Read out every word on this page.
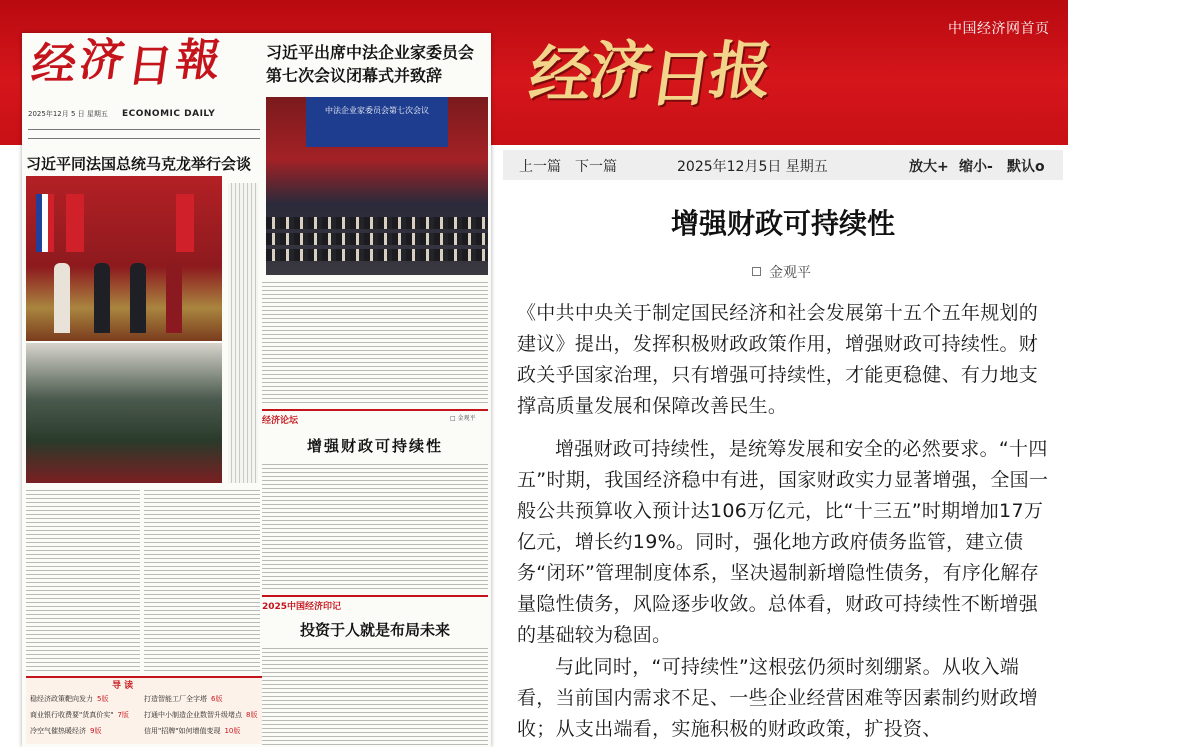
中国经济网首页
经
济
日
报
经
济
日
報
2025年12月 5 日 星期五 ECONOMIC DAILY
习近平出席中法企业家委员会第七次会议闭幕式并致辞
中法企业家委员会第七次会议
习近平同法国总统马克龙举行会谈
经济论坛	□ 金观平
增强财政可持续性
2025中国经济印记
投资于人就是布局未来
导 读
稳经济政策靶向发力 5版	打造智能工厂全字塔 6版
商业银行收费要"货真价实" 7版 打通中小制造企业数智升级堵点 8版
冷空气催热暖经济 9版	信用"招牌"如何增值变现 10版
上一篇 下一篇	2025年12月5日 星期五	放大+ 缩小- 默认o
增强财政可持续性
金观平

《中共中央关于制定国民经济和社会发展第十五个五年规划的建议》提出，发挥积极财政政策作用，增强财政可持续性。财政关乎国家治理，只有增强可持续性，才能更稳健、有力地支撑高质量发展和保障改善民生。

增强财政可持续性，是统筹发展和安全的必然要求。“十四五”时期，我国经济稳中有进，国家财政实力显著增强，全国一般公共预算收入预计达106万亿元，比“十三五”时期增加17万亿元，增长约19%。同时，强化地方政府债务监管，建立债务“闭环”管理制度体系，坚决遏制新增隐性债务，有序化解存量隐性债务，风险逐步收敛。总体看，财政可持续性不断增强的基础较为稳固。

与此同时，“可持续性”这根弦仍须时刻绷紧。从收入端看，当前国内需求不足、一些企业经营困难等因素制约财政增收；从支出端看，实施积极的财政政策，扩投资、
